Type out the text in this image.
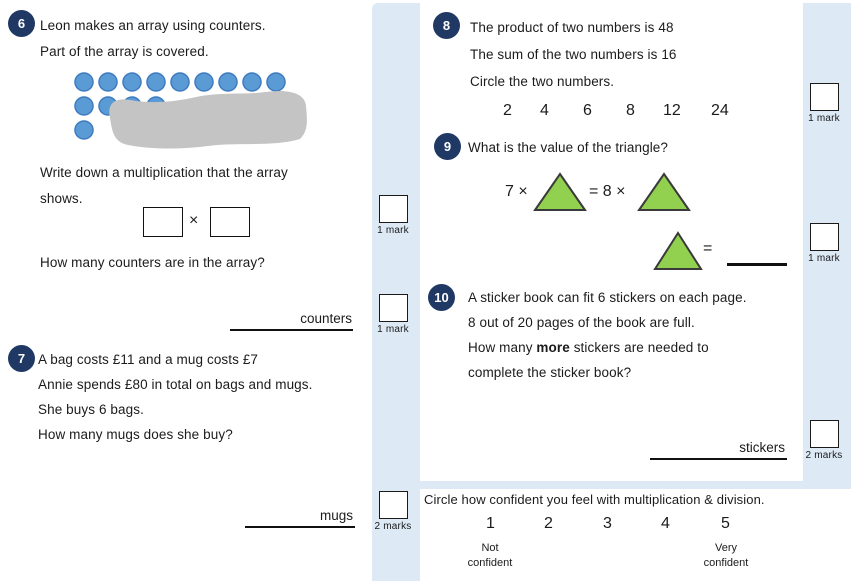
6	Leon makes an array using counters.
Part of the array is covered.
Write down a multiplication that the array
shows.
×
How many counters are in the array?
counters
7 A bag costs £11 and a mug costs £7
Annie spends £80 in total on bags and mugs.
She buys 6 bags.
How many mugs does she buy?
mugs
1 mark
1 mark
2 marks
8	The product of two numbers is 48
The sum of the two numbers is 16
Circle the two numbers.
2 4 6 8 12 24
9	What is the value of the triangle?
7 ×	= 8 ×
=
10	A sticker book can fit 6 stickers on each page.
8 out of 20 pages of the book are full.
How many more stickers are needed to
complete the sticker book?
stickers
1 mark
1 mark
2 marks
Circle how confident you feel with multiplication & division.
1	2	3	4	5
Not
confident
Very
confident
